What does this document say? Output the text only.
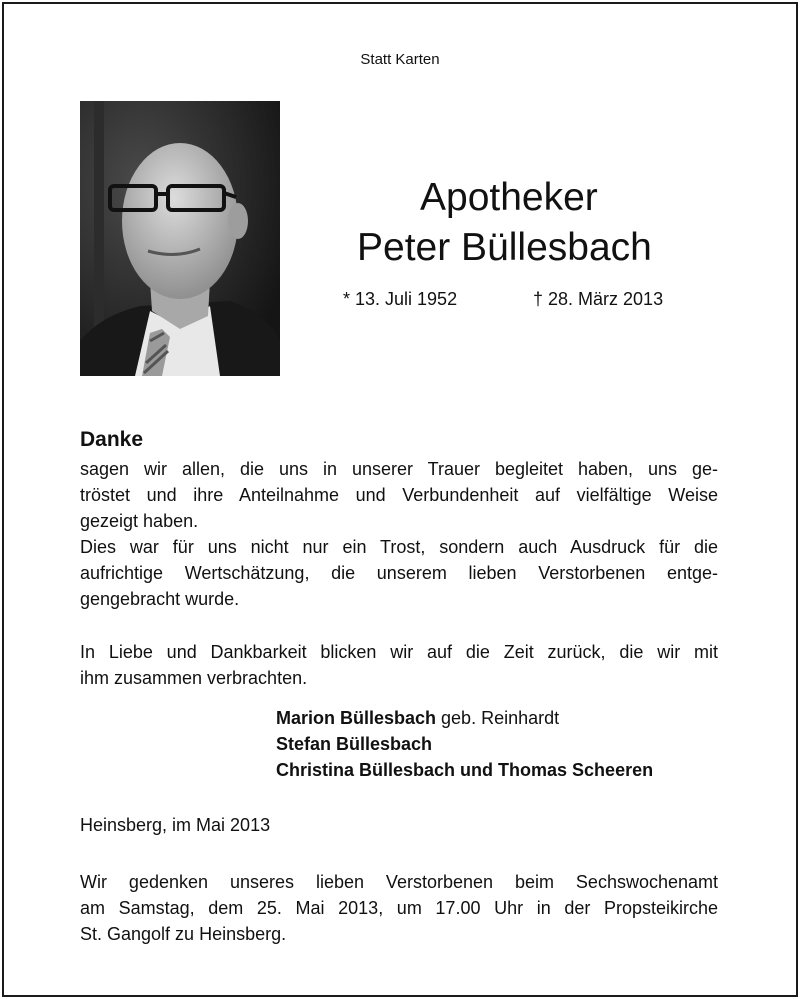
Statt Karten
Apotheker
Peter Büllesbach
* 13. Juli 1952	† 28. März 2013
Danke
sagen wir allen, die uns in unserer Trauer begleitet haben, uns ge-
tröstet und ihre Anteilnahme und Verbundenheit auf vielfältige Weise
gezeigt haben.
Dies war für uns nicht nur ein Trost, sondern auch Ausdruck für die
aufrichtige Wertschätzung, die unserem lieben Verstorbenen entge-
gengebracht wurde.
In Liebe und Dankbarkeit blicken wir auf die Zeit zurück, die wir mit
ihm zusammen verbrachten.
Marion Büllesbach geb. Reinhardt
Stefan Büllesbach
Christina Büllesbach und Thomas Scheeren
Heinsberg, im Mai 2013
Wir gedenken unseres lieben Verstorbenen beim Sechswochenamt
am Samstag, dem 25. Mai 2013, um 17.00 Uhr in der Propsteikirche
St. Gangolf zu Heinsberg.
